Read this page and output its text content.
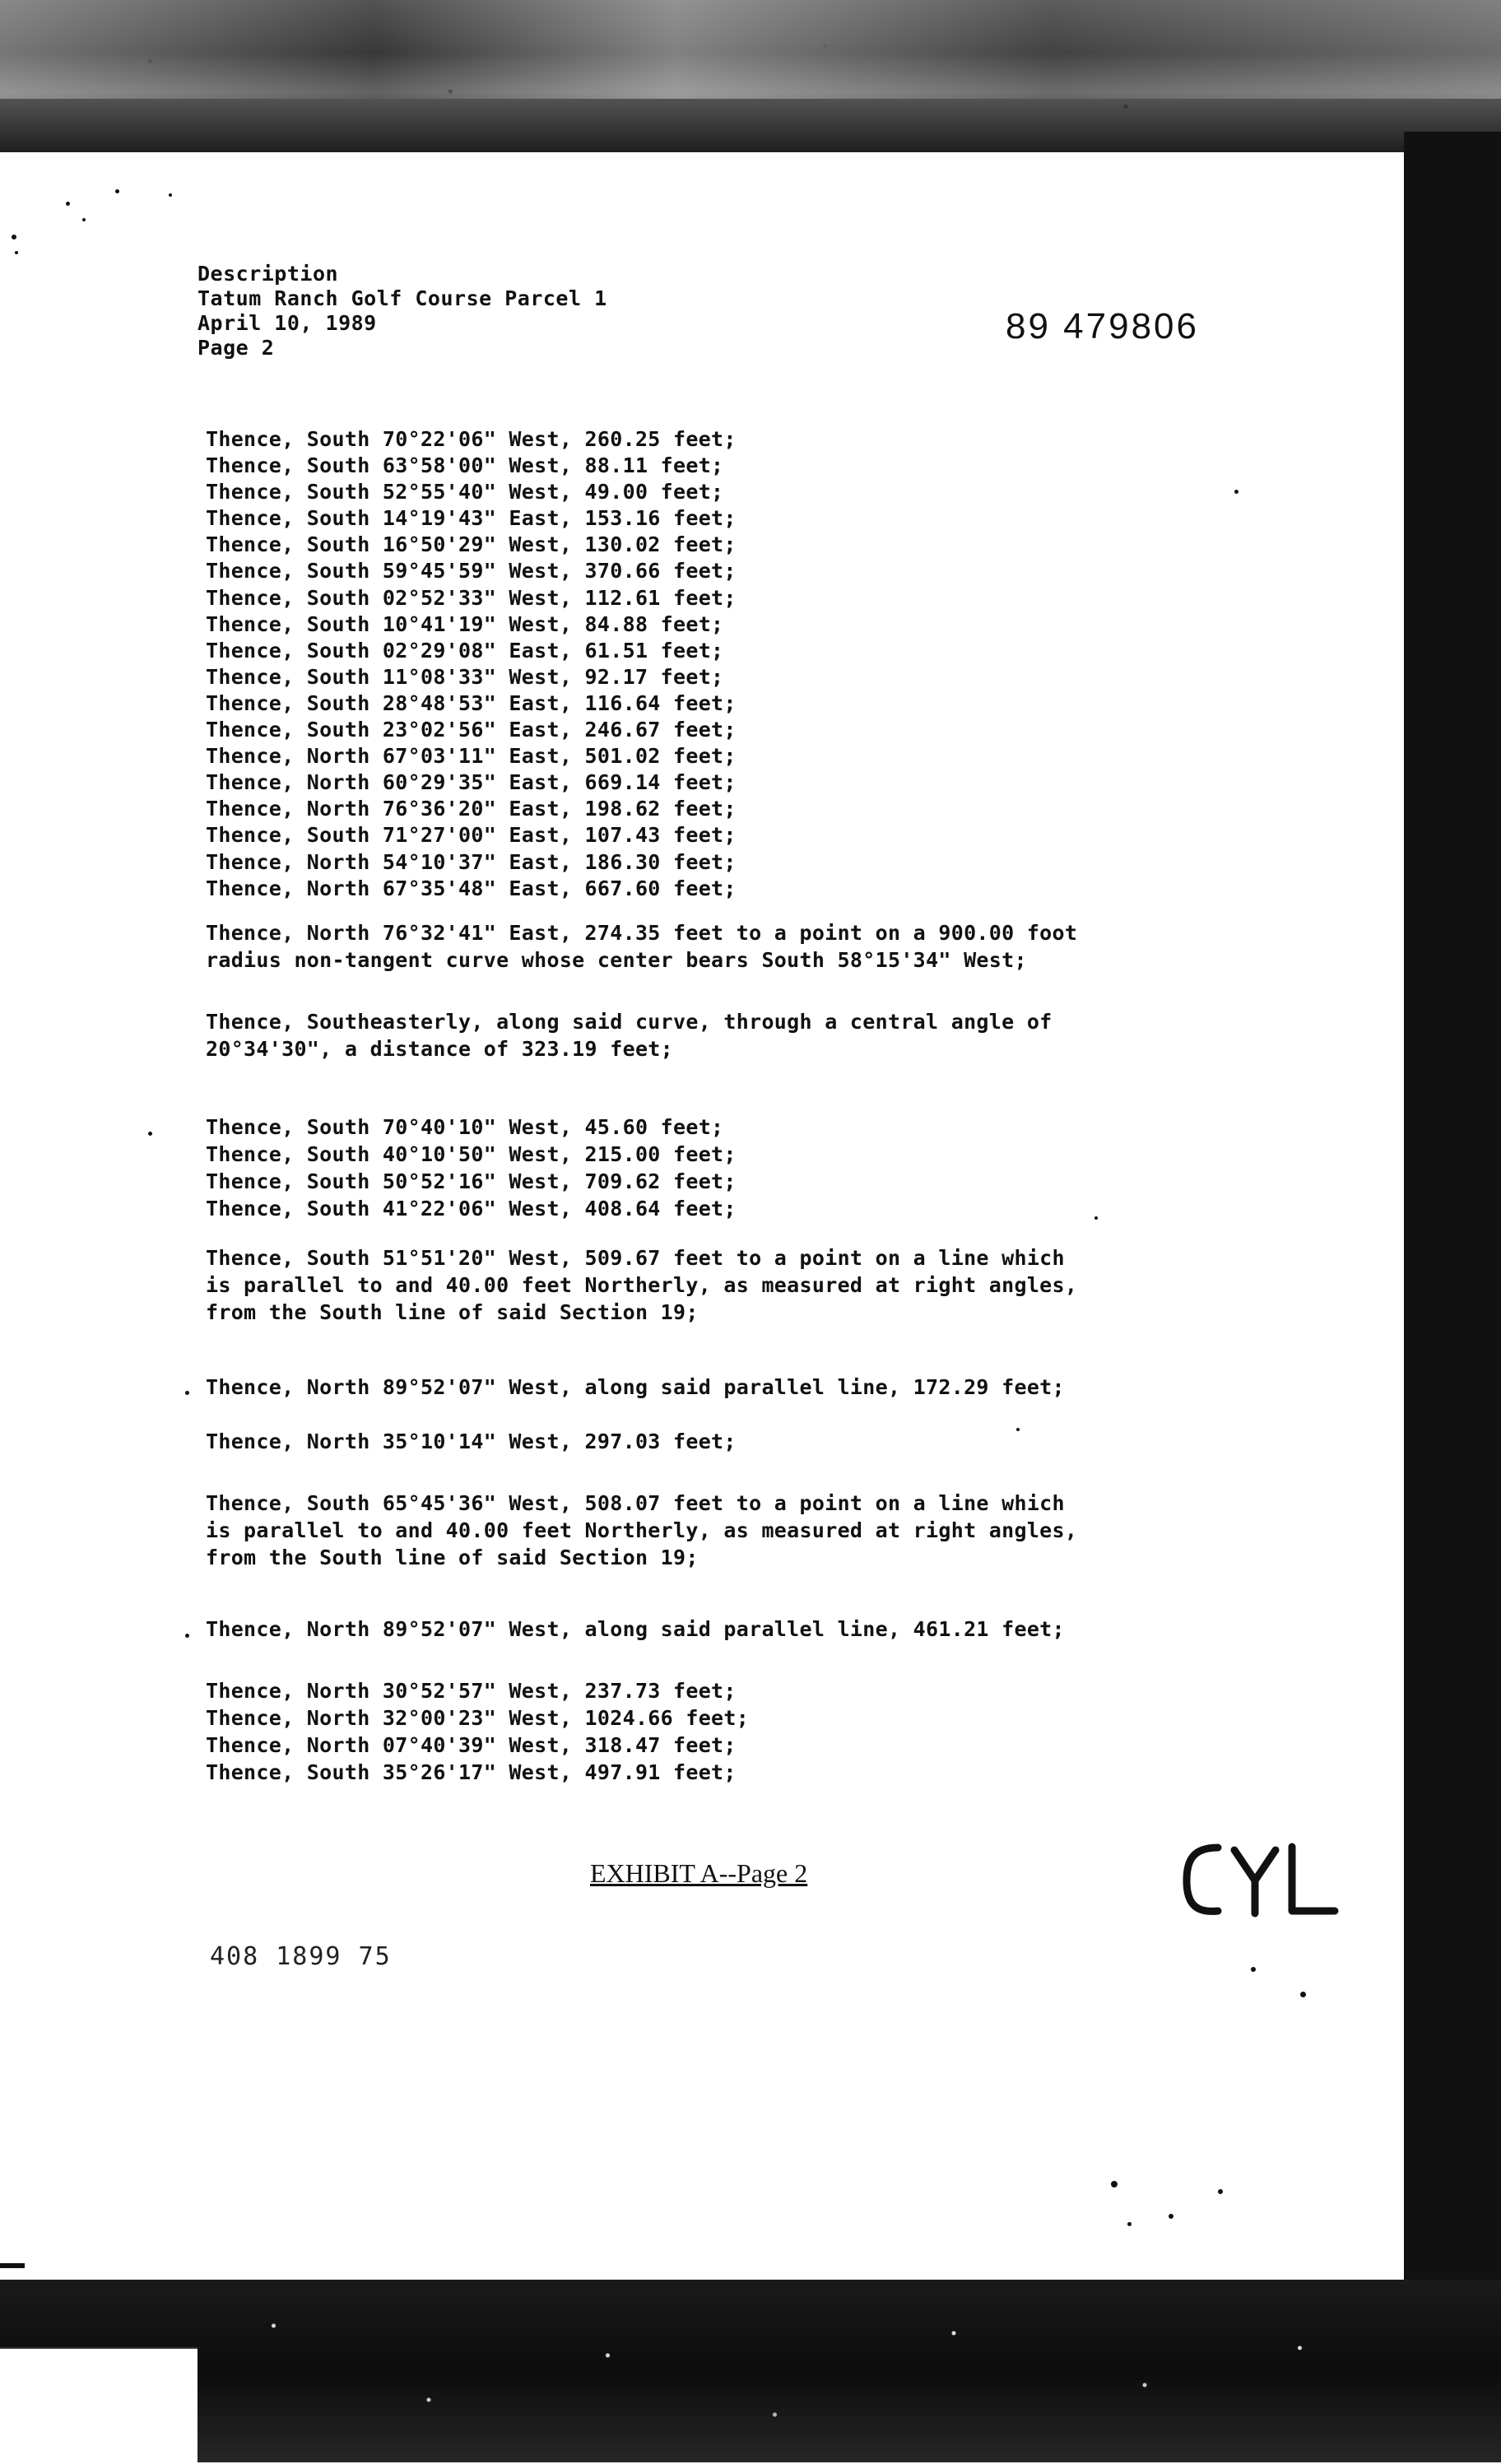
Description
Tatum Ranch Golf Course Parcel 1
April 10, 1989
Page 2
89 479806
Thence, South 70°22'06" West, 260.25 feet;
Thence, South 63°58'00" West, 88.11 feet;
Thence, South 52°55'40" West, 49.00 feet;
Thence, South 14°19'43" East, 153.16 feet;
Thence, South 16°50'29" West, 130.02 feet;
Thence, South 59°45'59" West, 370.66 feet;
Thence, South 02°52'33" West, 112.61 feet;
Thence, South 10°41'19" West, 84.88 feet;
Thence, South 02°29'08" East, 61.51 feet;
Thence, South 11°08'33" West, 92.17 feet;
Thence, South 28°48'53" East, 116.64 feet;
Thence, South 23°02'56" East, 246.67 feet;
Thence, North 67°03'11" East, 501.02 feet;
Thence, North 60°29'35" East, 669.14 feet;
Thence, North 76°36'20" East, 198.62 feet;
Thence, South 71°27'00" East, 107.43 feet;
Thence, North 54°10'37" East, 186.30 feet;
Thence, North 67°35'48" East, 667.60 feet;
Thence, North 76°32'41" East, 274.35 feet to a point on a 900.00 foot
radius non-tangent curve whose center bears South 58°15'34" West;
Thence, Southeasterly, along said curve, through a central angle of
20°34'30", a distance of 323.19 feet;
Thence, South 70°40'10" West, 45.60 feet;
Thence, South 40°10'50" West, 215.00 feet;
Thence, South 50°52'16" West, 709.62 feet;
Thence, South 41°22'06" West, 408.64 feet;
Thence, South 51°51'20" West, 509.67 feet to a point on a line which
is parallel to and 40.00 feet Northerly, as measured at right angles,
from the South line of said Section 19;
Thence, North 89°52'07" West, along said parallel line, 172.29 feet;
Thence, North 35°10'14" West, 297.03 feet;
Thence, South 65°45'36" West, 508.07 feet to a point on a line which
is parallel to and 40.00 feet Northerly, as measured at right angles,
from the South line of said Section 19;
Thence, North 89°52'07" West, along said parallel line, 461.21 feet;
Thence, North 30°52'57" West, 237.73 feet;
Thence, North 32°00'23" West, 1024.66 feet;
Thence, North 07°40'39" West, 318.47 feet;
Thence, South 35°26'17" West, 497.91 feet;
EXHIBIT A--Page 2
408 1899 75
